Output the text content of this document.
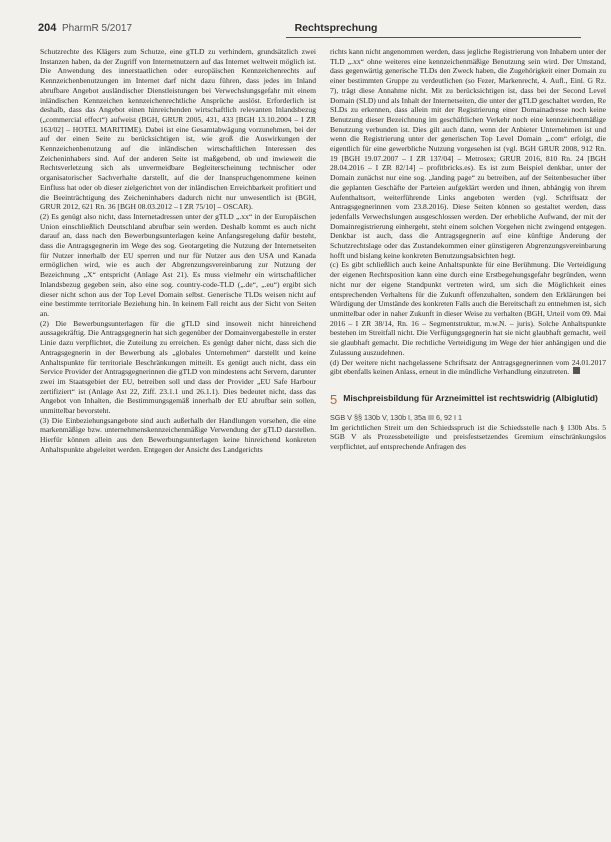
204 PharmR 5/2017	Rechtsprechung

Schutzrechte des Klägers zum Schutze, eine gTLD zu verhindern, grundsätzlich zwei Instanzen haben, da der Zugriff von Internetnutzern auf das Internet weltweit möglich ist. Die Anwendung des innerstaatlichen oder europäischen Kennzeichenrechts auf Kennzeichenbenutzungen im Internet darf nicht dazu führen, dass jedes im Inland abrufbare Angebot ausländischer Dienstleistungen bei Verwechslungsgefahr mit einem inländischen Kennzeichen kennzeichenrechtliche Ansprüche auslöst. Erforderlich ist deshalb, dass das Angebot einen hinreichenden wirtschaftlich relevanten Inlandsbezug („commercial effect“) aufweist (BGH, GRUR 2005, 431, 433 [BGH 13.10.2004 – I ZR 163/02] – HOTEL MARITIME). Dabei ist eine Gesamtabwägung vorzunehmen, bei der auf der einen Seite zu berücksichtigen ist, wie groß die Auswirkungen der Kennzeichenbenutzung auf die inländischen wirtschaftlichen Interessen des Zeicheninhabers sind. Auf der anderen Seite ist maßgebend, ob und inwieweit die Rechtsverletzung sich als unvermeidbare Begleiterscheinung technischer oder organisatorischer Sachverhalte darstellt, auf die der Inanspruchgenommene keinen Einfluss hat oder ob dieser zielgerichtet von der inländischen Erreichbarkeit profitiert und die Beeinträchtigung des Zeicheninhabers dadurch nicht nur unwesentlich ist (BGH, GRUR 2012, 621 Rn. 36 [BGH 08.03.2012 – I ZR 75/10] – OSCAR).

(2) Es genügt also nicht, dass Internetadressen unter der gTLD „.xx“ in der Europäischen Union einschließlich Deutschland abrufbar sein werden. Deshalb kommt es auch nicht darauf an, dass nach den Bewerbungsunterlagen keine Anfangsregelung dafür besteht, dass die Antragsgegnerin im Wege des sog. Geotargeting die Nutzung der Internetseiten für Nutzer innerhalb der EU sperren und nur für Nutzer aus den USA und Kanada ermöglichen wird, wie es auch der Abgrenzungsvereinbarung zur Nutzung der Bezeichnung „X“ entspricht (Anlage Ast 21). Es muss vielmehr ein wirtschaftlicher Inlandsbezug gegeben sein, also eine sog. country-code-TLD („.de“, „.eu“) ergibt sich dieser nicht schon aus der Top Level Domain selbst. Generische TLDs weisen nicht auf eine bestimmte territoriale Beziehung hin. In keinem Fall reicht aus der Sicht von Seiten an.

(2) Die Bewerbungsunterlagen für die gTLD sind insoweit nicht hinreichend aussagekräftig. Die Antragsgegnerin hat sich gegenüber der Domainvergabestelle in erster Linie dazu verpflichtet, die Zuteilung zu erreichen. Es genügt daher nicht, dass sich die Antragsgegnerin in der Bewerbung als „globales Unternehmen“ darstellt und keine Anhaltspunkte für territoriale Beschränkungen mitteilt. Es genügt auch nicht, dass ein Service Provider der Antragsgegnerinnen die gTLD von mindestens acht Servern, darunter zwei im Staatsgebiet der EU, betreiben soll und dass der Provider „EU Safe Harbour zertifiziert“ ist (Anlage Ast 22, Ziff. 23.1.1 und 26.1.1). Dies bedeutet nicht, dass das Angebot von Inhalten, die Bestimmungsgemäß innerhalb der EU abrufbar sein sollen, unmittelbar bevorsteht.

(3) Die Einbeziehungsangebote sind auch außerhalb der Handlungen vorsehen, die eine markenmäßige bzw. unternehmenskennzeichenmäßige Verwendung der gTLD darstellen. Hierfür können allein aus den Bewerbungsunterlagen keine hinreichend konkreten Anhaltspunkte abgeleitet werden. Entgegen der Ansicht des Landgerichts

richts kann nicht angenommen werden, dass jegliche Registrierung von Inhabern unter der TLD „.xx“ ohne weiteres eine kennzeichenmäßige Benutzung sein wird. Der Umstand, dass gegenwärtig generische TLDs den Zweck haben, die Zugehörigkeit einer Domain zu einer bestimmten Gruppe zu verdeutlichen (so Fezer, Markenrecht, 4. Aufl., Einl. G Rz. 7), trägt diese Annahme nicht. Mit zu berücksichtigen ist, dass bei der Second Level Domain (SLD) und als Inhalt der Internetseiten, die unter der gTLD geschaltet werden, Re SLDs zu erkennen, dass allein mit der Registrierung einer Domainadresse noch keine Benutzung dieser Bezeichnung im geschäftlichen Verkehr noch eine kennzeichenmäßige Benutzung verbunden ist. Dies gilt auch dann, wenn der Anbieter Unternehmen ist und wenn die Registrierung unter der generischen Top Level Domain „.com“ erfolgt, die eigentlich für eine gewerbliche Nutzung vorgesehen ist (vgl. BGH GRUR 2008, 912 Rn. 19 [BGH 19.07.2007 – I ZR 137/04] – Metrosex; GRUR 2016, 810 Rn. 24 [BGH 28.04.2016 – I ZR 82/14] – profitbricks.es). Es ist zum Beispiel denkbar, unter der Domain zunächst nur eine sog. „landing page“ zu betreiben, auf der Seitenbesucher über die geplanten Geschäfte der Parteien aufgeklärt werden und ihnen, abhängig von ihrem Aufenthaltsort, weiterführende Links angeboten werden (vgl. Schriftsatz der Antragsgegnerinnen vom 23.8.2016). Diese Seiten können so gestaltet werden, dass jedenfalls Verwechslungen ausgeschlossen werden. Der erhebliche Aufwand, der mit der Domainregistrierung einhergeht, steht einem solchen Vorgehen nicht zwingend entgegen. Denkbar ist auch, dass die Antragsgegnerin auf eine künftige Änderung der Schutzrechtslage oder das Zustandekommen einer günstigeren Abgrenzungsvereinbarung hofft und bislang keine konkreten Benutzungsabsichten hegt.

(c) Es gibt schließlich auch keine Anhaltspunkte für eine Berühmung. Die Verteidigung der eigenen Rechtsposition kann eine durch eine Erstbegehungsgefahr begründen, wenn nicht nur der eigene Standpunkt vertreten wird, um sich die Möglichkeit eines entsprechenden Verhaltens für die Zukunft offenzuhalten, sondern den Erklärungen bei Würdigung der Umstände des konkreten Falls auch die Bereitschaft zu entnehmen ist, sich unmittelbar oder in naher Zukunft in dieser Weise zu verhalten (BGH, Urteil vom 09. Mai 2016 – I ZR 38/14, Rn. 16 – Segmentstruktur, m.w.N. – juris). Solche Anhaltspunkte bestehen im Streitfall nicht. Die Verfügungsgegnerin hat sie nicht glaubhaft gemacht, weil sie glaubhaft gemacht. Die rechtliche Verteidigung im Wege der hier anhängigen und die Zulassung auszudehnen.

(d) Der weitere nicht nachgelassene Schriftsatz der Antragsgegnerinnen vom 24.01.2017 gibt ebenfalls keinen Anlass, erneut in die mündliche Verhandlung einzutreten.

5 Mischpreisbildung für Arzneimittel ist rechtswidrig (Albiglutid)
SGB V §§ 130b V, 130b I, 35a III 6, 92 I 1

Im gerichtlichen Streit um den Schiedsspruch ist die Schiedsstelle nach § 130b Abs. 5 SGB V als Prozessbeteiligte und preisfestsetzendes Gremium einschränkungslos verpflichtet, auf entsprechende Anfragen des
